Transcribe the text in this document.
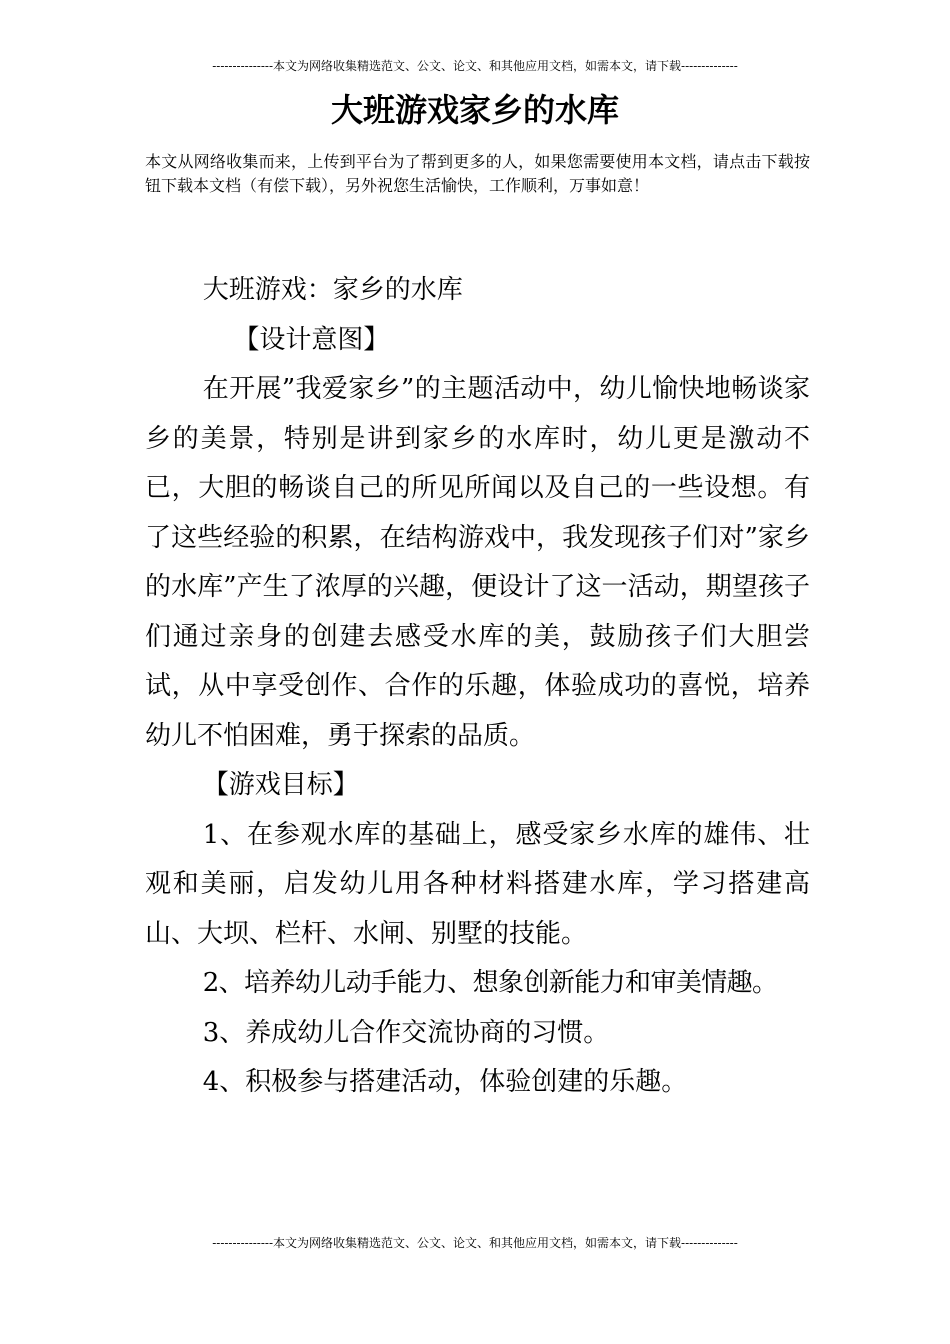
---------------本文为网络收集精选范文、公文、论文、和其他应用文档，如需本文，请下载--------------
大班游戏家乡的水库

本文从网络收集而来，上传到平台为了帮到更多的人，如果您需要使用本文档，请点击下载按钮下载本文档（有偿下载），另外祝您生活愉快，工作顺利，万事如意！

大班游戏：家乡的水库

【设计意图】

在开展”我爱家乡”的主题活动中，幼儿愉快地畅谈家乡的美景，特别是讲到家乡的水库时，幼儿更是激动不已，大胆的畅谈自己的所见所闻以及自己的一些设想。有了这些经验的积累，在结构游戏中，我发现孩子们对”家乡的水库”产生了浓厚的兴趣，便设计了这一活动，期望孩子们通过亲身的创建去感受水库的美，鼓励孩子们大胆尝试，从中享受创作、合作的乐趣，体验成功的喜悦，培养幼儿不怕困难，勇于探索的品质。

【游戏目标】

1、在参观水库的基础上，感受家乡水库的雄伟、壮观和美丽，启发幼儿用各种材料搭建水库，学习搭建高山、大坝、栏杆、水闸、别墅的技能。

2、培养幼儿动手能力、想象创新能力和审美情趣。

3、养成幼儿合作交流协商的习惯。

4、积极参与搭建活动，体验创建的乐趣。

---------------本文为网络收集精选范文、公文、论文、和其他应用文档，如需本文，请下载--------------
